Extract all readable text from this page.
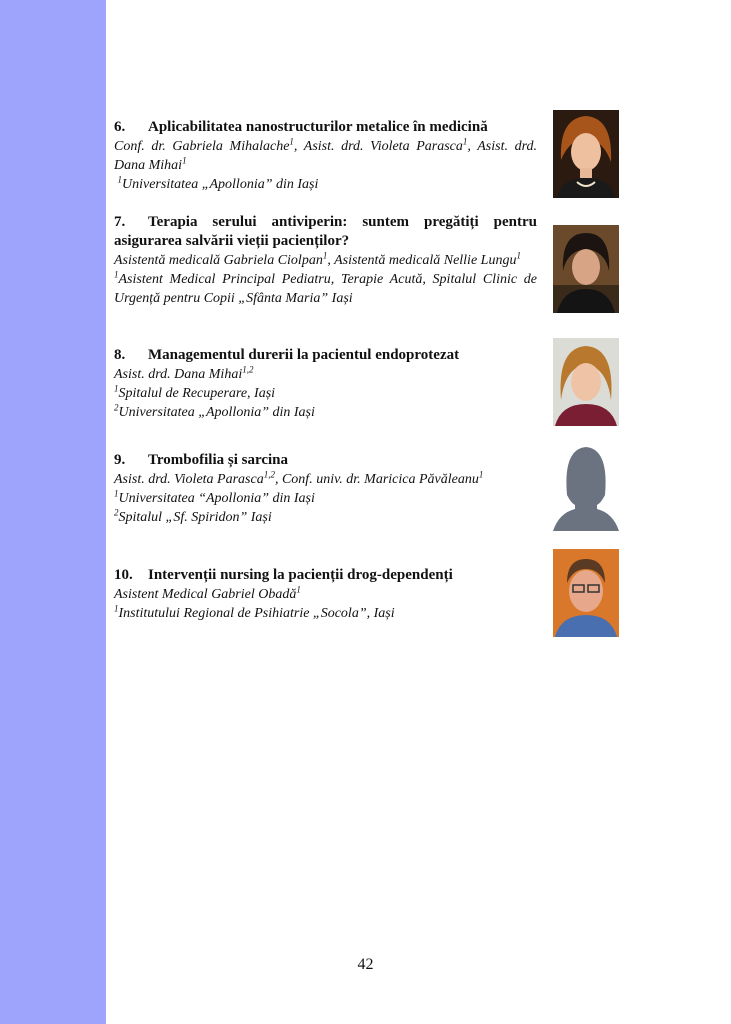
6. Aplicabilitatea nanostructurilor metalice în medicină
Conf. dr. Gabriela Mihalache$^1$, Asist. drd. Violeta Parasca$^1$, Asist. drd. Dana Mihai$^1$
$^1$Universitatea „Apollonia” din Iași
7. Terapia serului antiviperin: suntem pregătiți pentru asigurarea salvării vieții pacienților?
Asistentă medicală Gabriela Ciolpan$^1$, Asistentă medicală Nellie Lungu$^1$
$^1$Asistent Medical Principal Pediatru, Terapie Acută, Spitalul Clinic de Urgență pentru Copii „Sfânta Maria” Iași
8. Managementul durerii la pacientul endoprotezat
Asist. drd. Dana Mihai$^{1,2}$
$^1$Spitalul de Recuperare, Iași
$^2$Universitatea „Apollonia” din Iași
9. Trombofilia și sarcina
Asist. drd. Violeta Parasca$^{1,2}$, Conf. univ. dr. Maricica Păvăleanu$^1$
$^1$Universitatea “Apollonia” din Iași
$^2$Spitalul „Sf. Spiridon” Iași
10. Intervenții nursing la pacienții drog-dependenți
Asistent Medical Gabriel Obadă$^1$
$^1$Institutului Regional de Psihiatrie „Socola”, Iași
42
